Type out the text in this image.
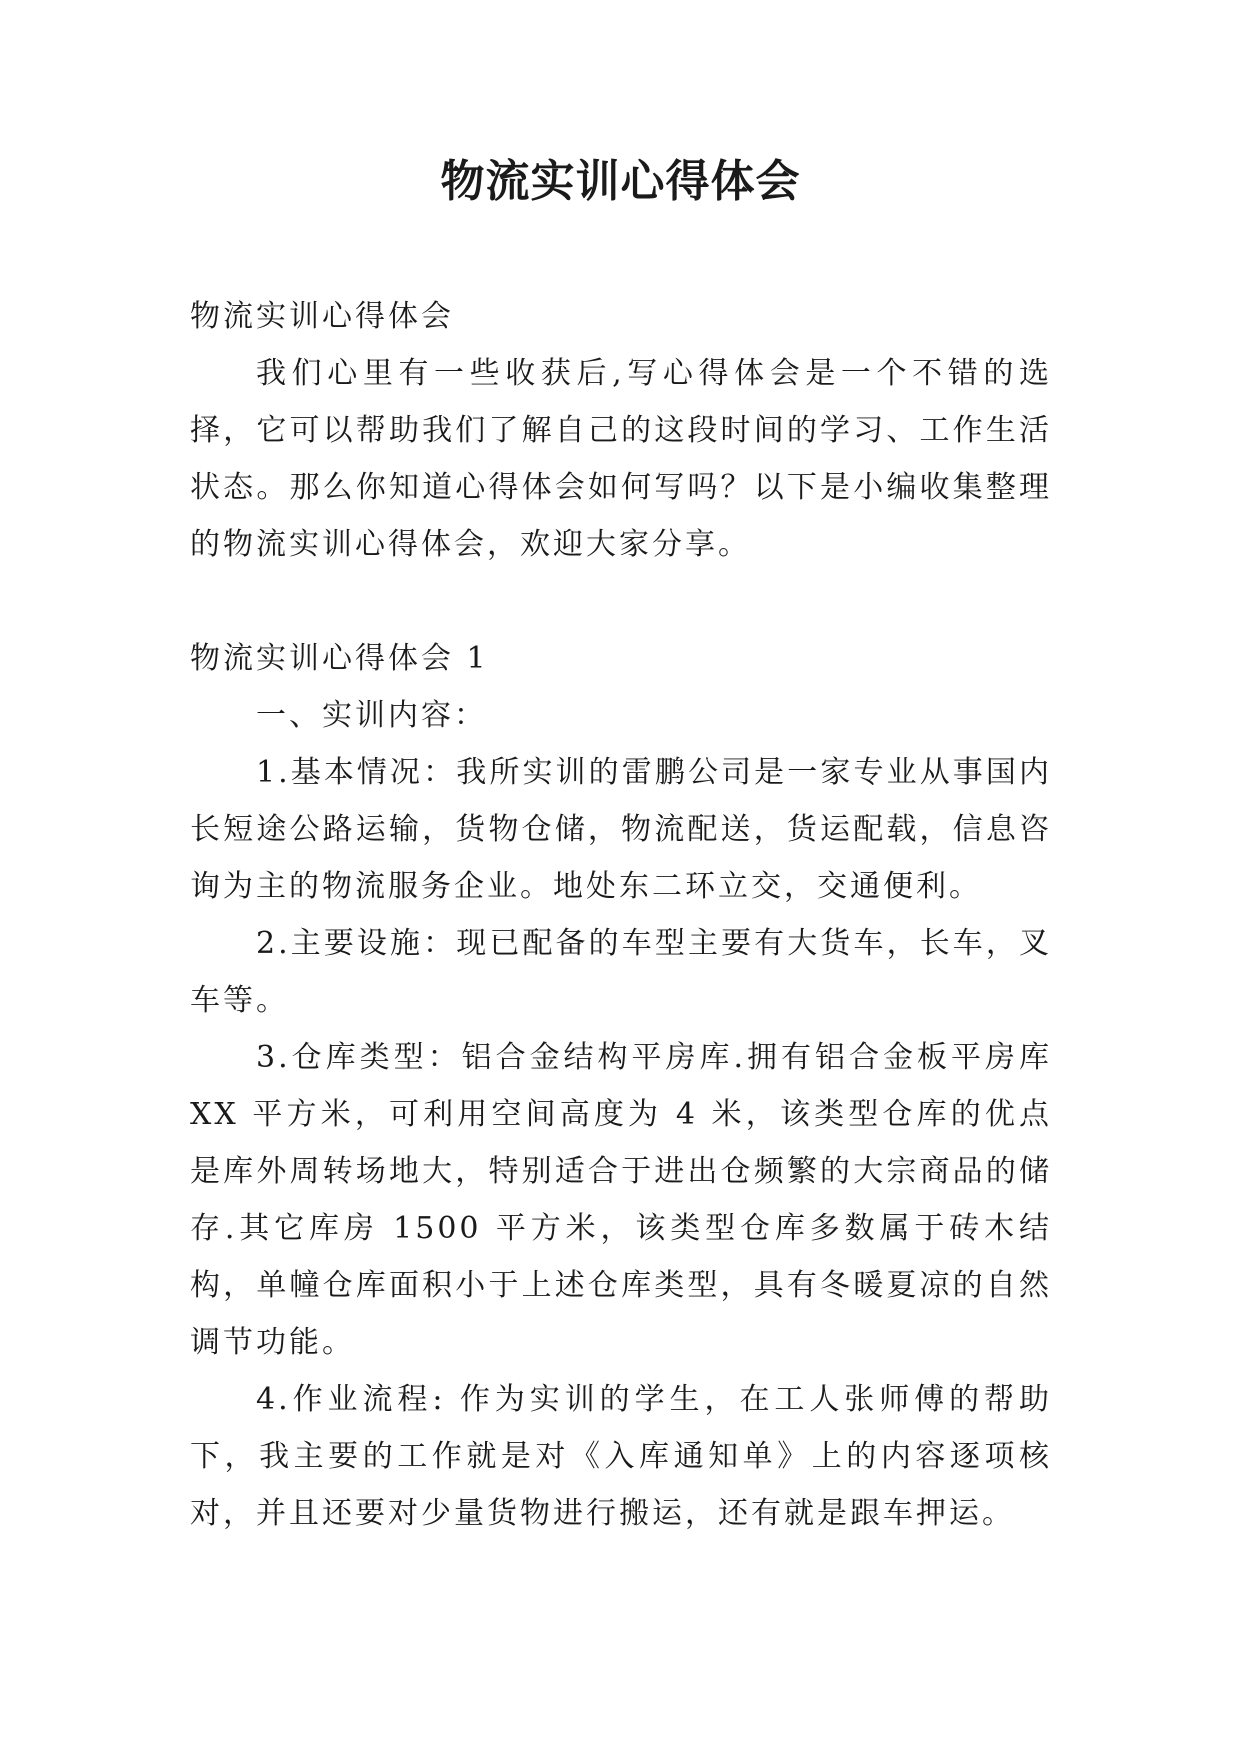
物流实训心得体会

物流实训心得体会

我们心里有一些收获后,写心得体会是一个不错的选择，它可以帮助我们了解自己的这段时间的学习、工作生活状态。那么你知道心得体会如何写吗？以下是小编收集整理的物流实训心得体会，欢迎大家分享。

物流实训心得体会 1

一、实训内容：

1.基本情况：我所实训的雷鹏公司是一家专业从事国内长短途公路运输，货物仓储，物流配送，货运配载，信息咨询为主的物流服务企业。地处东二环立交，交通便利。

2.主要设施：现已配备的车型主要有大货车，长车，叉车等。

3.仓库类型：铝合金结构平房库.拥有铝合金板平房库 XX 平方米，可利用空间高度为 4 米，该类型仓库的优点是库外周转场地大，特别适合于进出仓频繁的大宗商品的储存.其它库房 1500 平方米，该类型仓库多数属于砖木结构，单幢仓库面积小于上述仓库类型，具有冬暖夏凉的自然调节功能。

4.作业流程: 作为实训的学生，在工人张师傅的帮助下，我主要的工作就是对《入库通知单》上的内容逐项核对，并且还要对少量货物进行搬运，还有就是跟车押运。
